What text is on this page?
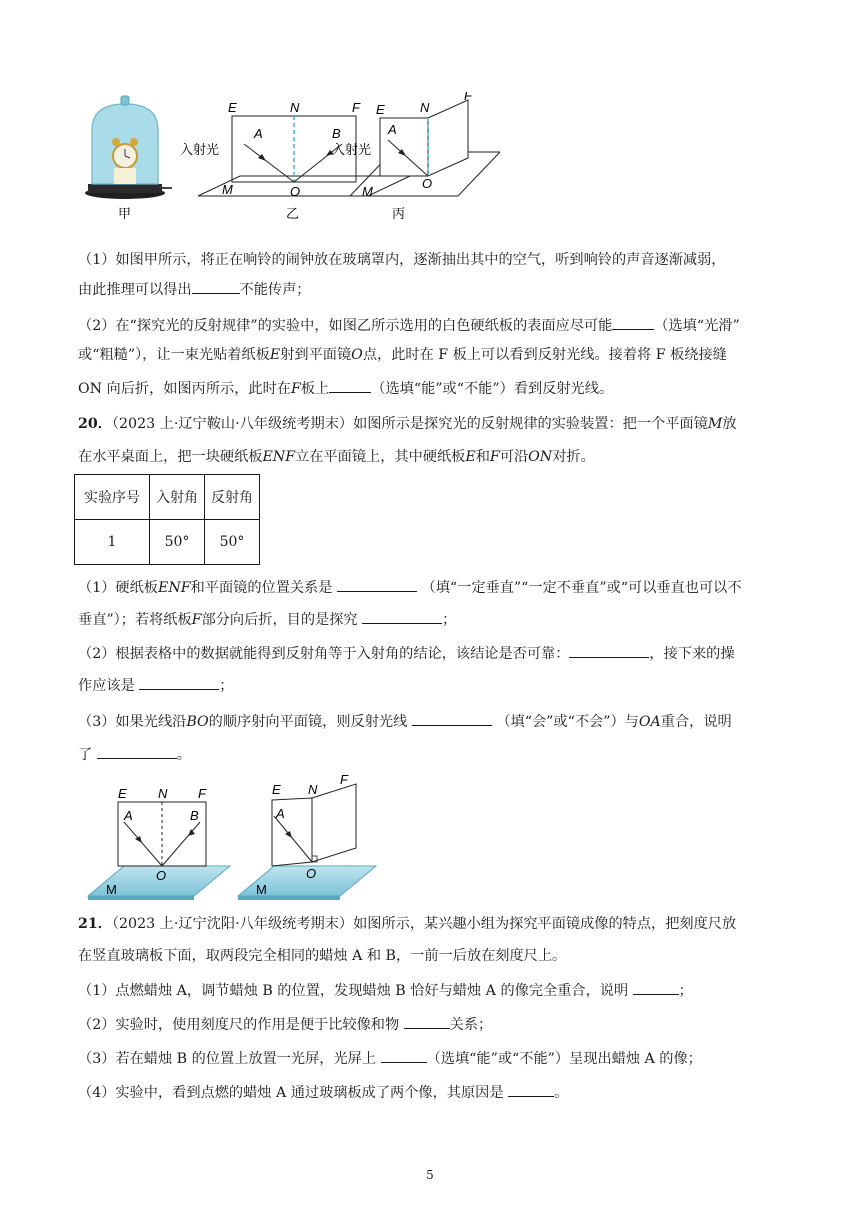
甲
E	N	F
A	B
O
M
入射光
乙
E	N
F
A
O
M
入射光
丙
（1）如图甲所示，将正在响铃的闹钟放在玻璃罩内，逐渐抽出其中的空气，听到响铃的声音逐渐减弱，
由此推理可以得出	不能传声；
（2）在“探究光的反射规律”的实验中，如图乙所示选用的白色硬纸板的表面应尽可能	（选填“光滑”
或“粗糙”），让一束光贴着纸板E射到平面镜O点，此时在 F 板上可以看到反射光线。接着将 F 板绕接缝
ON 向后折，如图丙所示，此时在F板上	（选填“能”或“不能”）看到反射光线。
20．（2023 上·辽宁鞍山·八年级统考期末）如图所示是探究光的反射规律的实验装置：把一个平面镜M放
在水平桌面上，把一块硬纸板ENF立在平面镜上，其中硬纸板E和F可沿ON对折。
实验序号	入射角	反射角
1	50°	50°
（1）硬纸板ENF和平面镜的位置关系是	（填“一定垂直”“一定不垂直”或“可以垂直也可以不
垂直”）；若将纸板F部分向后折，目的是探究	；
（2）根据表格中的数据就能得到反射角等于入射角的结论，该结论是否可靠：	，接下来的操
作应该是	；
（3）如果光线沿BO的顺序射向平面镜，则反射光线	（填“会”或“不会”）与OA重合，说明
了	。
E N F
A	B
O
M
E N
F
A
O
M
21．（2023 上·辽宁沈阳·八年级统考期末）如图所示，某兴趣小组为探究平面镜成像的特点，把刻度尺放
在竖直玻璃板下面，取两段完全相同的蜡烛 A 和 B，一前一后放在刻度尺上。
（1）点燃蜡烛 A，调节蜡烛 B 的位置，发现蜡烛 B 恰好与蜡烛 A 的像完全重合，说明	；
（2）实验时，使用刻度尺的作用是便于比较像和物	关系；
（3）若在蜡烛 B 的位置上放置一光屏，光屏上	（选填“能”或“不能”）呈现出蜡烛 A 的像；
（4）实验中，看到点燃的蜡烛 A 通过玻璃板成了两个像，其原因是	。
5
